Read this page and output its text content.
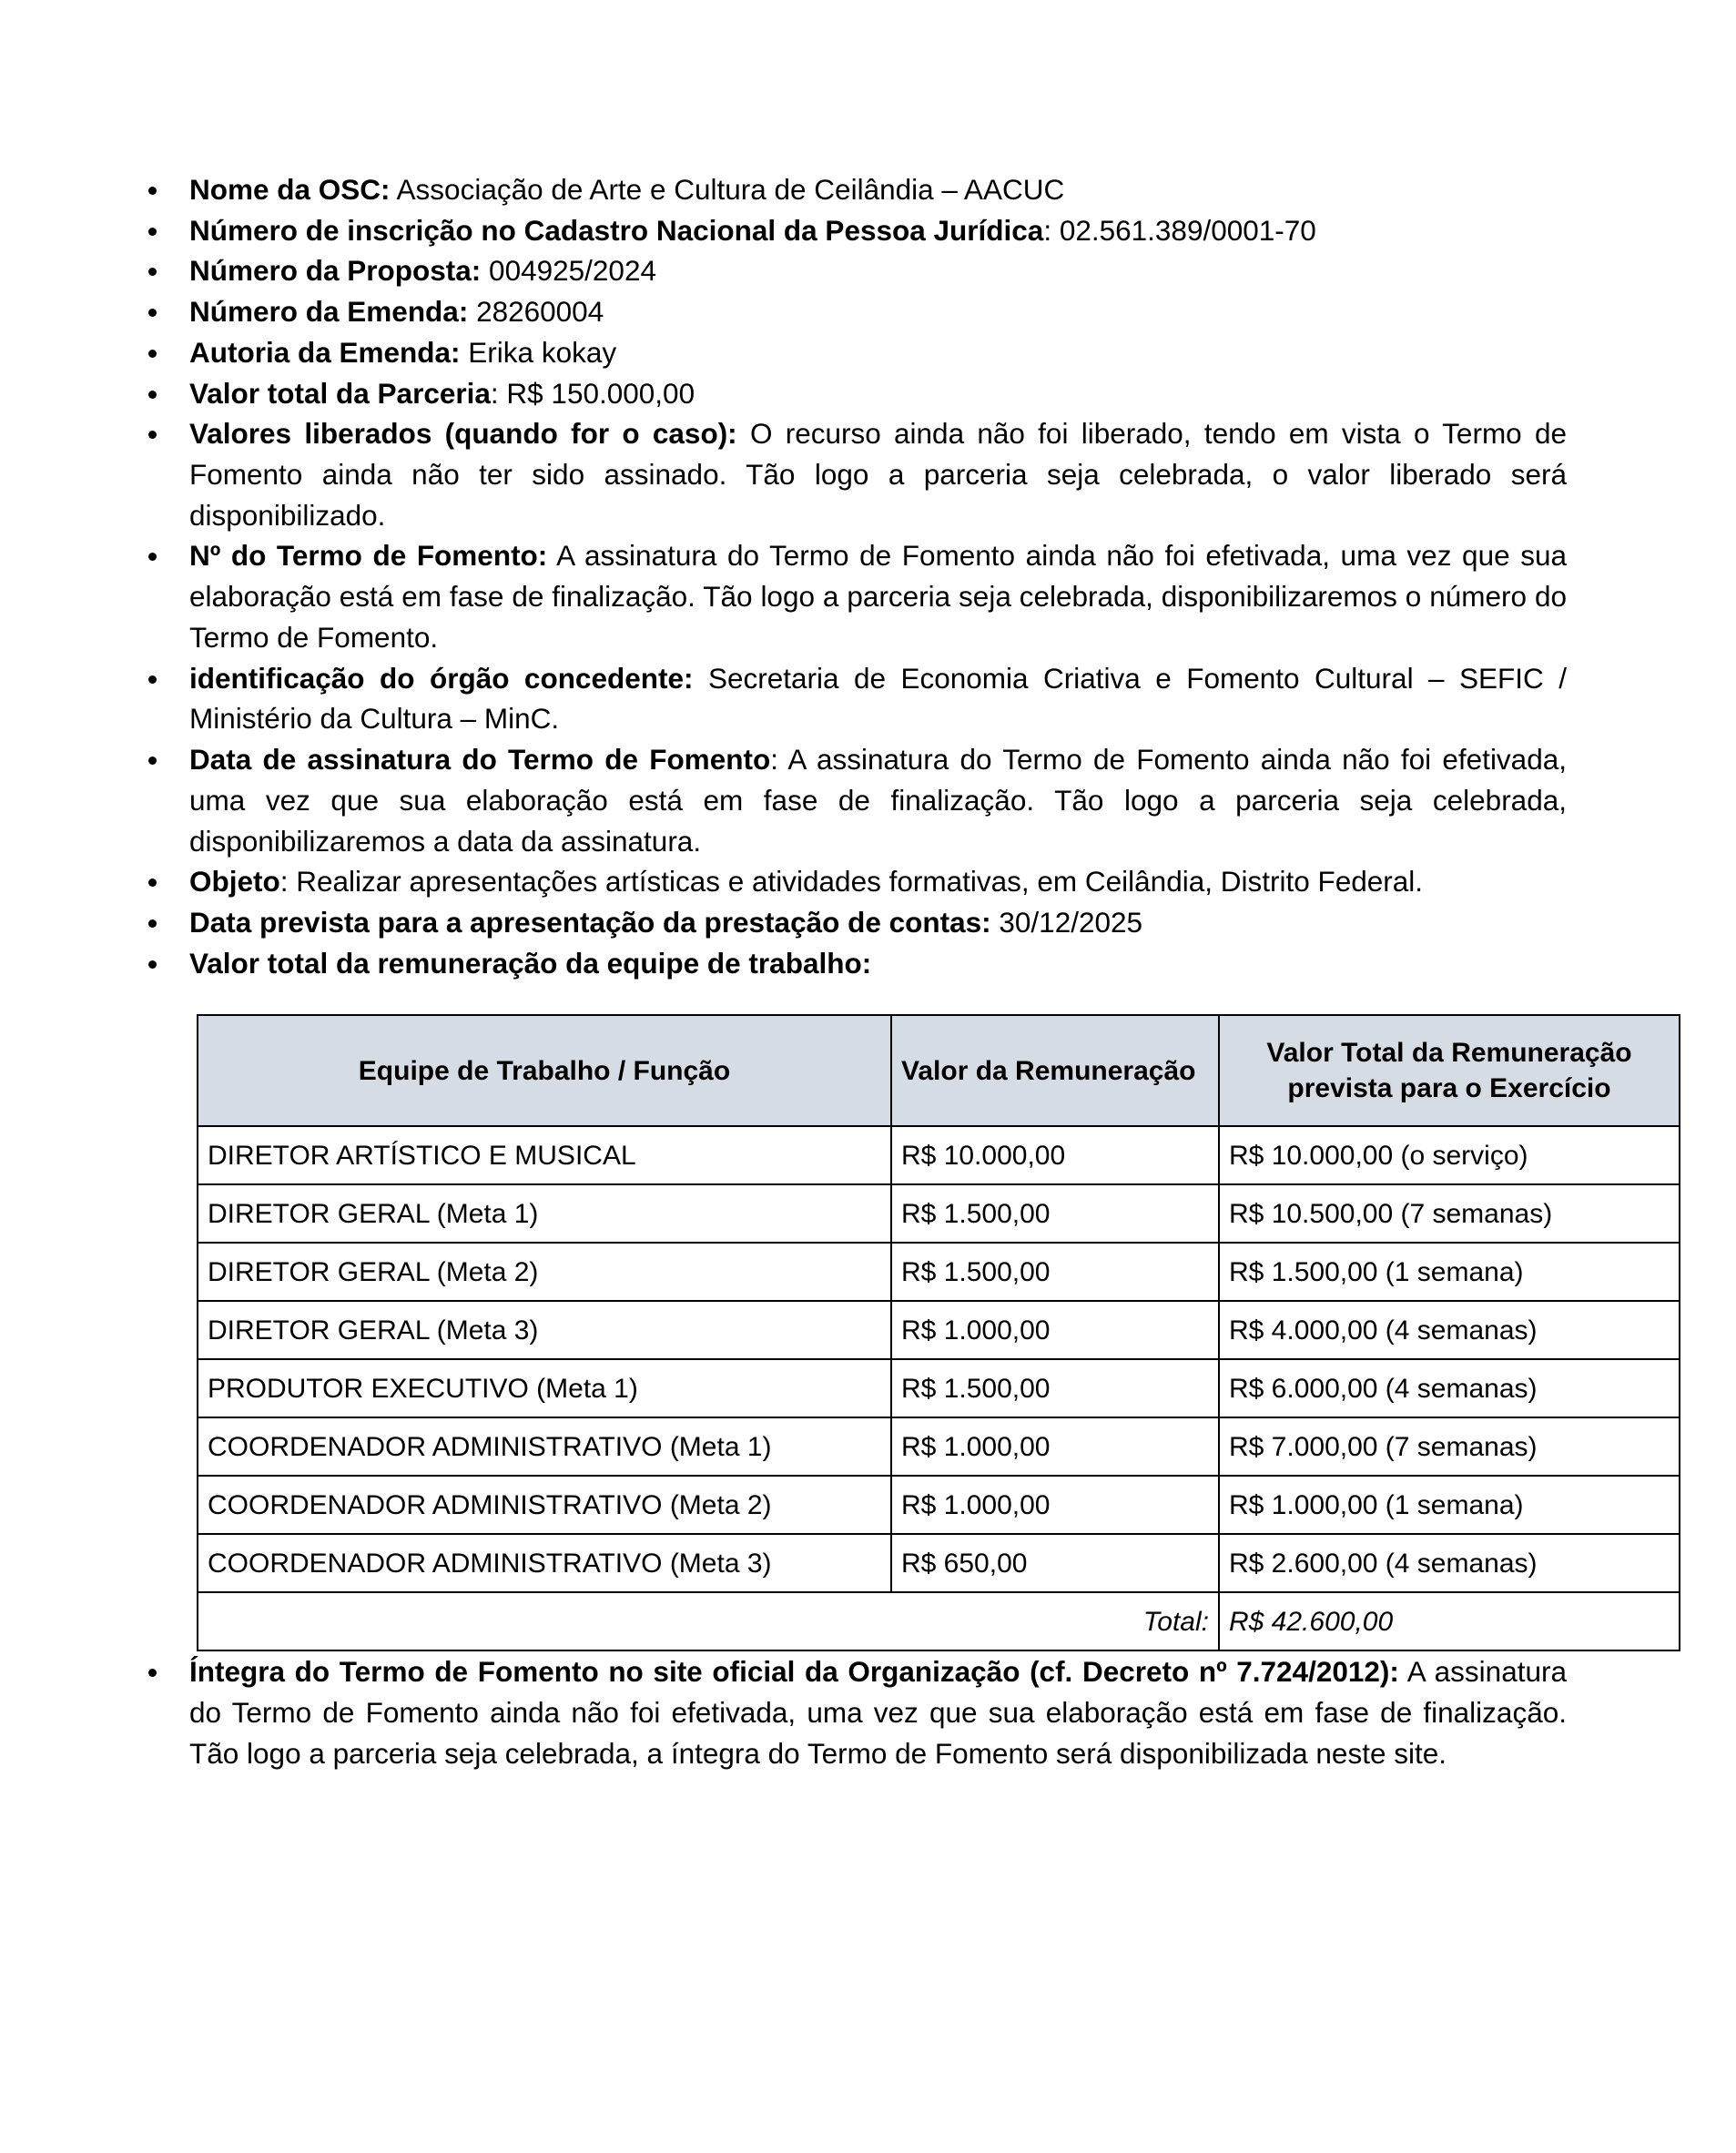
Nome da OSC: Associação de Arte e Cultura de Ceilândia – AACUC
Número de inscrição no Cadastro Nacional da Pessoa Jurídica: 02.561.389/0001-70
Número da Proposta: 004925/2024
Número da Emenda: 28260004
Autoria da Emenda: Erika kokay
Valor total da Parceria: R$ 150.000,00
Valores liberados (quando for o caso): O recurso ainda não foi liberado, tendo em vista o Termo de Fomento ainda não ter sido assinado. Tão logo a parceria seja celebrada, o valor liberado será disponibilizado.
Nº do Termo de Fomento: A assinatura do Termo de Fomento ainda não foi efetivada, uma vez que sua elaboração está em fase de finalização. Tão logo a parceria seja celebrada, disponibilizaremos o número do Termo de Fomento.
identificação do órgão concedente: Secretaria de Economia Criativa e Fomento Cultural – SEFIC / Ministério da Cultura – MinC.
Data de assinatura do Termo de Fomento: A assinatura do Termo de Fomento ainda não foi efetivada, uma vez que sua elaboração está em fase de finalização. Tão logo a parceria seja celebrada, disponibilizaremos a data da assinatura.
Objeto: Realizar apresentações artísticas e atividades formativas, em Ceilândia, Distrito Federal.
Data prevista para a apresentação da prestação de contas: 30/12/2025
Valor total da remuneração da equipe de trabalho:
Equipe de Trabalho / Função	Valor da Remuneração	Valor Total da Remuneração prevista para o Exercício
DIRETOR ARTÍSTICO E MUSICAL	R$ 10.000,00	R$ 10.000,00 (o serviço)
DIRETOR GERAL (Meta 1)	R$ 1.500,00	R$ 10.500,00 (7 semanas)
DIRETOR GERAL (Meta 2)	R$ 1.500,00	R$ 1.500,00 (1 semana)
DIRETOR GERAL (Meta 3)	R$ 1.000,00	R$ 4.000,00 (4 semanas)
PRODUTOR EXECUTIVO (Meta 1)	R$ 1.500,00	R$ 6.000,00 (4 semanas)
COORDENADOR ADMINISTRATIVO (Meta 1)	R$ 1.000,00	R$ 7.000,00 (7 semanas)
COORDENADOR ADMINISTRATIVO (Meta 2)	R$ 1.000,00	R$ 1.000,00 (1 semana)
COORDENADOR ADMINISTRATIVO (Meta 3)	R$ 650,00	R$ 2.600,00 (4 semanas)
Total:		R$ 42.600,00
Íntegra do Termo de Fomento no site oficial da Organização (cf. Decreto nº 7.724/2012): A assinatura do Termo de Fomento ainda não foi efetivada, uma vez que sua elaboração está em fase de finalização. Tão logo a parceria seja celebrada, a íntegra do Termo de Fomento será disponibilizada neste site.
